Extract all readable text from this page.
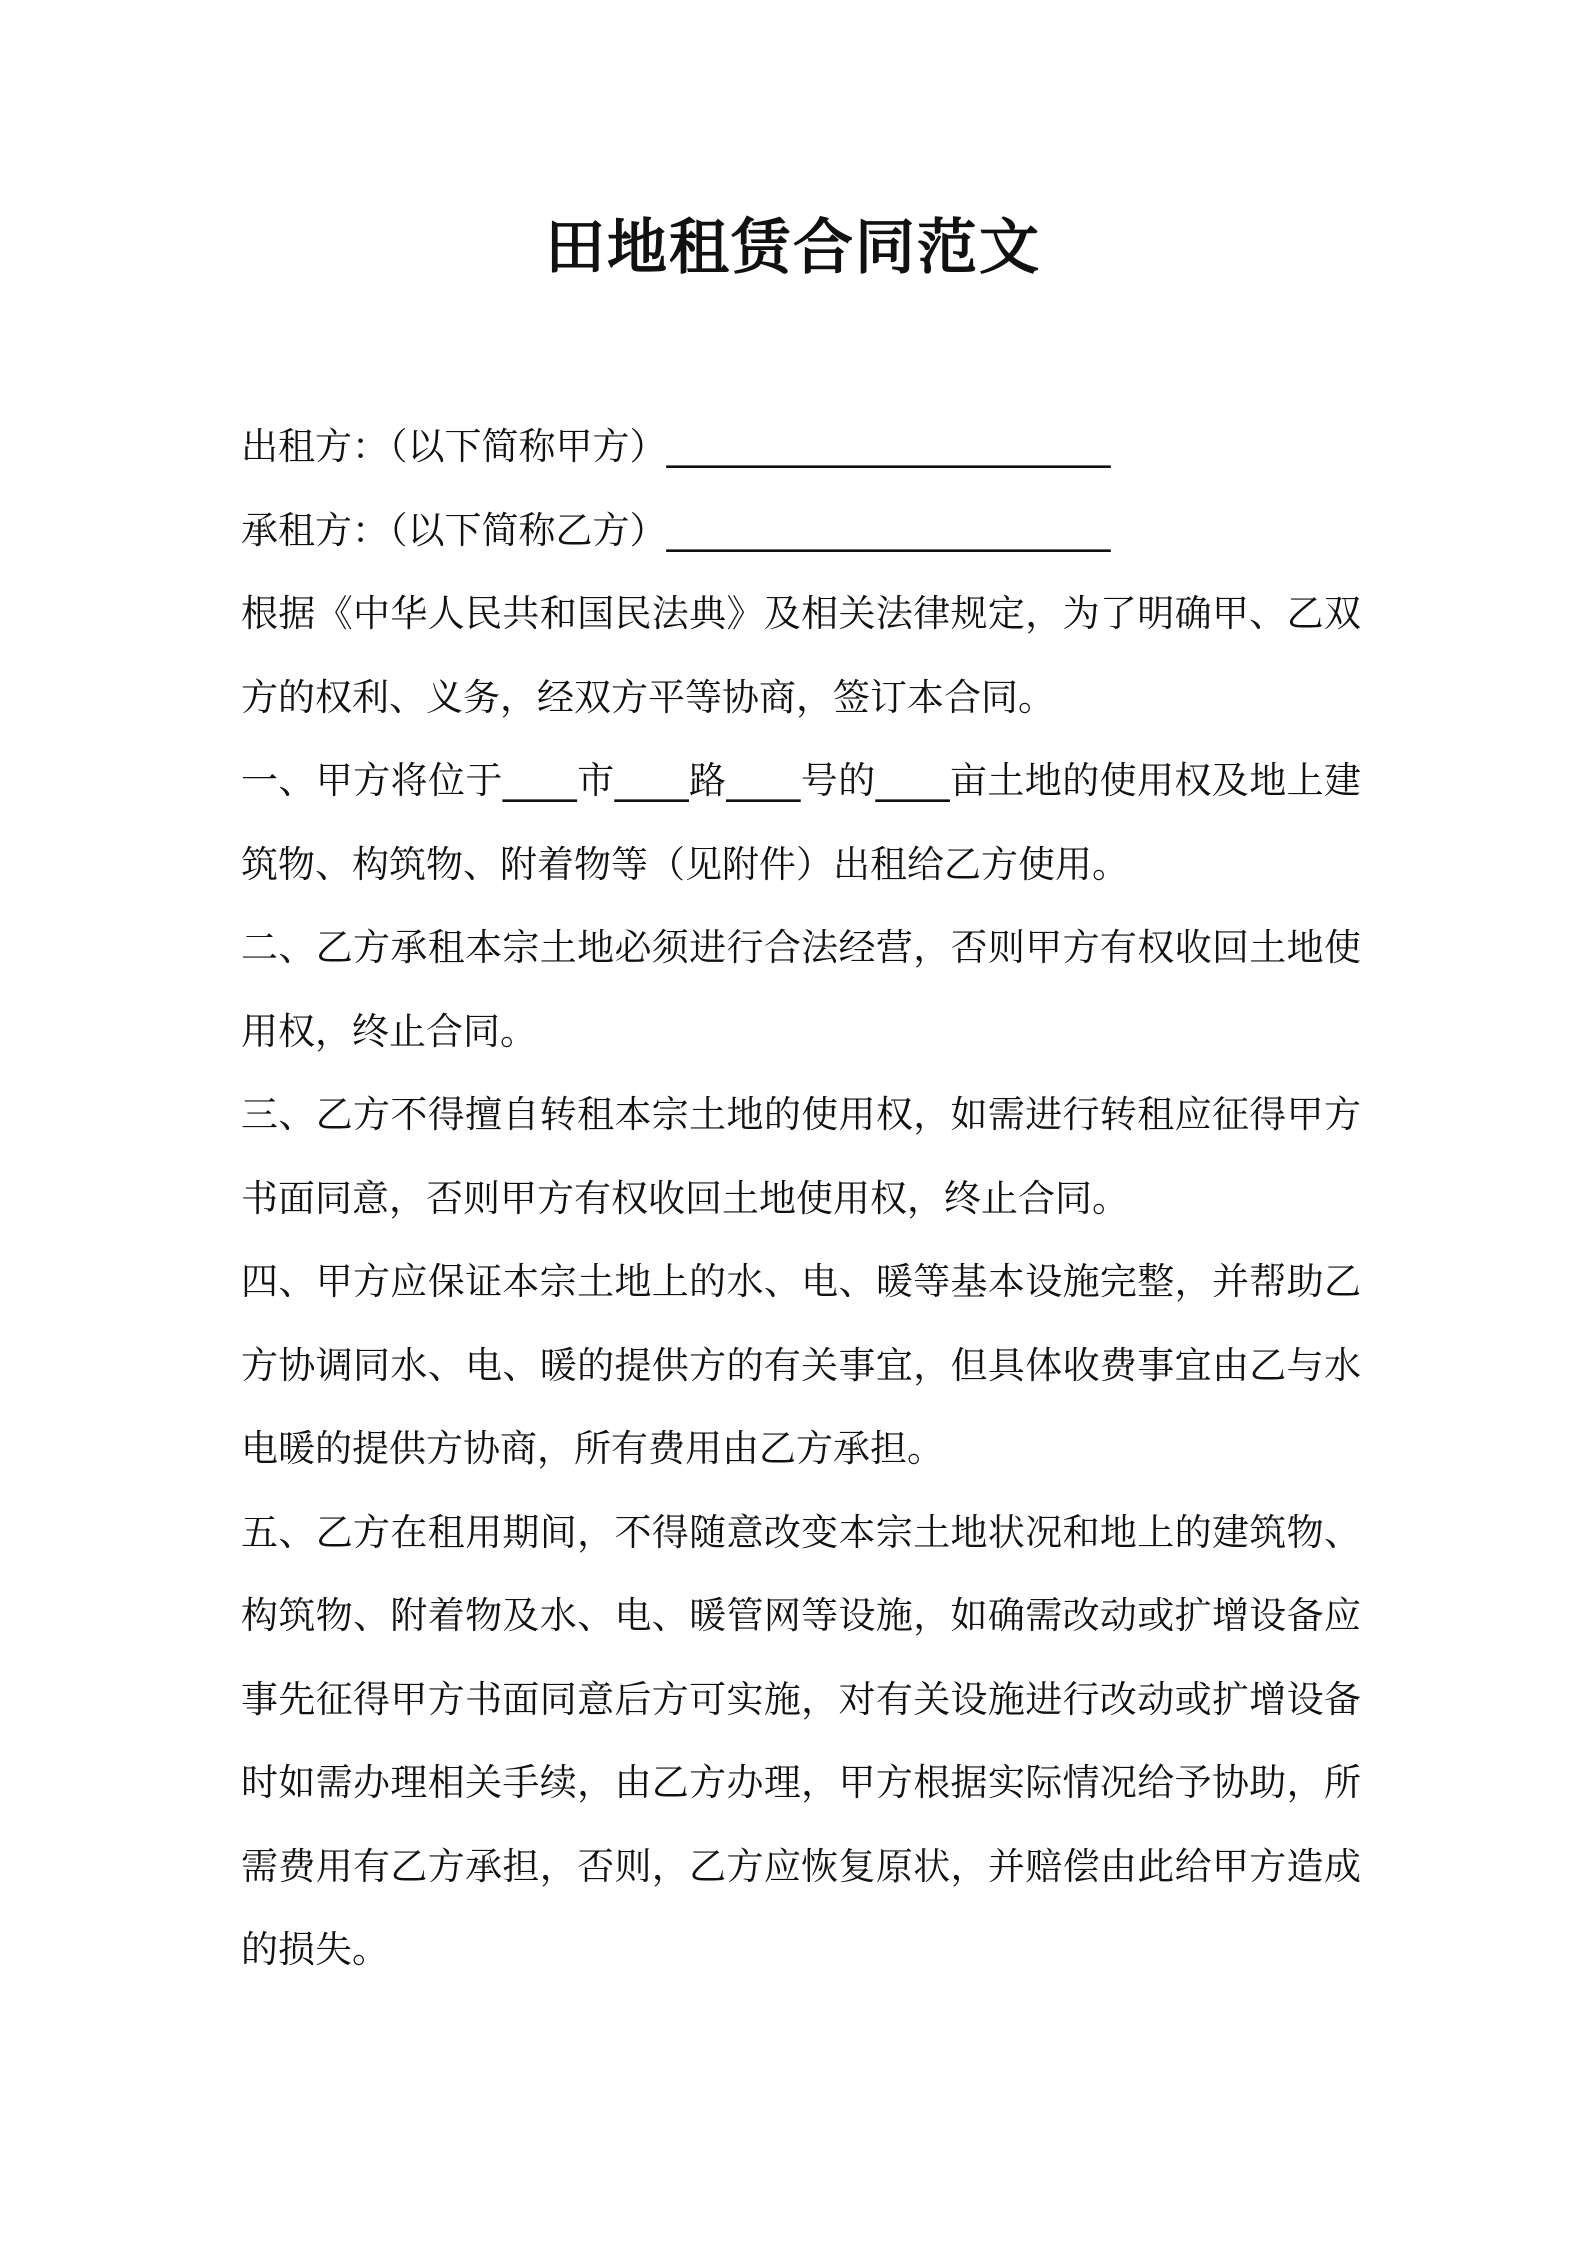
田地租赁合同范文

出租方：（以下简称甲方）________________________

承租方：（以下简称乙方）________________________

根据《中华人民共和国民法典》及相关法律规定，为了明确甲、乙双方的权利、义务，经双方平等协商，签订本合同。

一、甲方将位于____市____路____号的____亩土地的使用权及地上建筑物、构筑物、附着物等（见附件）出租给乙方使用。

二、乙方承租本宗土地必须进行合法经营，否则甲方有权收回土地使用权，终止合同。

三、乙方不得擅自转租本宗土地的使用权，如需进行转租应征得甲方书面同意，否则甲方有权收回土地使用权，终止合同。

四、甲方应保证本宗土地上的水、电、暖等基本设施完整，并帮助乙方协调同水、电、暖的提供方的有关事宜，但具体收费事宜由乙与水电暖的提供方协商，所有费用由乙方承担。

五、乙方在租用期间，不得随意改变本宗土地状况和地上的建筑物、构筑物、附着物及水、电、暖管网等设施，如确需改动或扩增设备应事先征得甲方书面同意后方可实施，对有关设施进行改动或扩增设备时如需办理相关手续，由乙方办理，甲方根据实际情况给予协助，所需费用有乙方承担，否则，乙方应恢复原状，并赔偿由此给甲方造成的损失。
